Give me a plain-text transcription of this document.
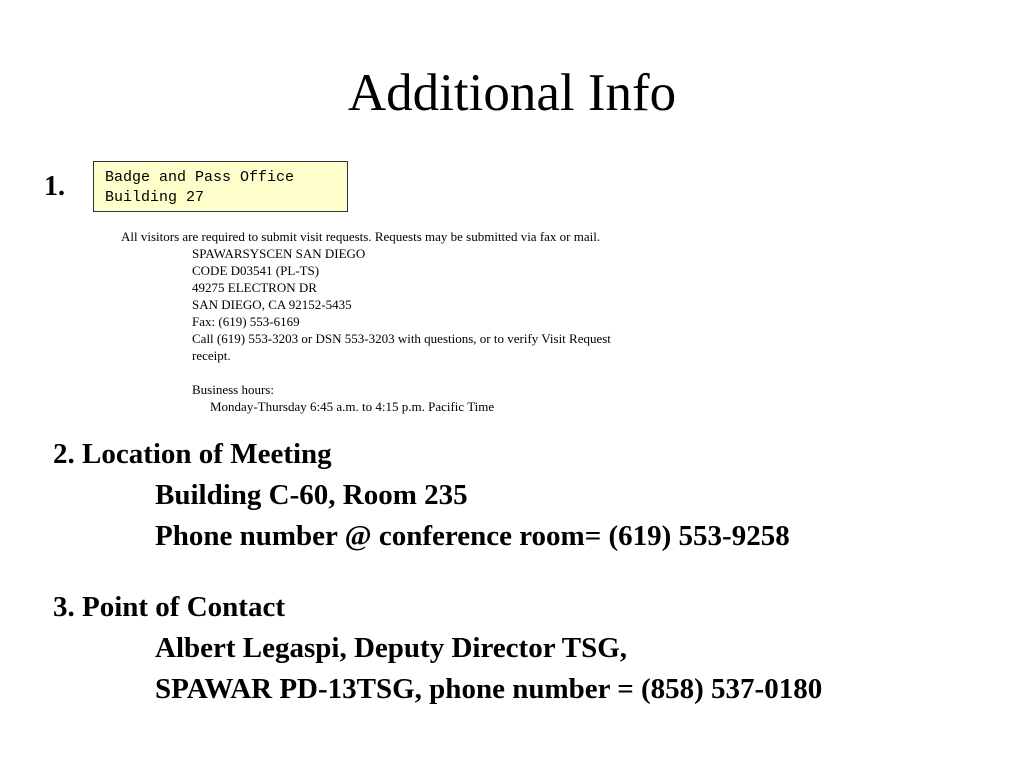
Additional Info
1.	Badge and Pass Office
Building 27
All visitors are required to submit visit requests. Requests may be submitted via fax or mail.
SPAWARSYSCEN SAN DIEGO
CODE D03541 (PL-TS)
49275 ELECTRON DR
SAN DIEGO, CA 92152-5435
Fax: (619) 553-6169
Call (619) 553-3203 or DSN 553-3203 with questions, or to verify Visit Request
receipt.
Business hours:
Monday-Thursday 6:45 a.m. to 4:15 p.m. Pacific Time
2. Location of Meeting
Building C-60, Room 235
Phone number @ conference room= (619) 553-9258
3. Point of Contact
Albert Legaspi, Deputy Director TSG,
SPAWAR PD-13TSG, phone number = (858) 537-0180
